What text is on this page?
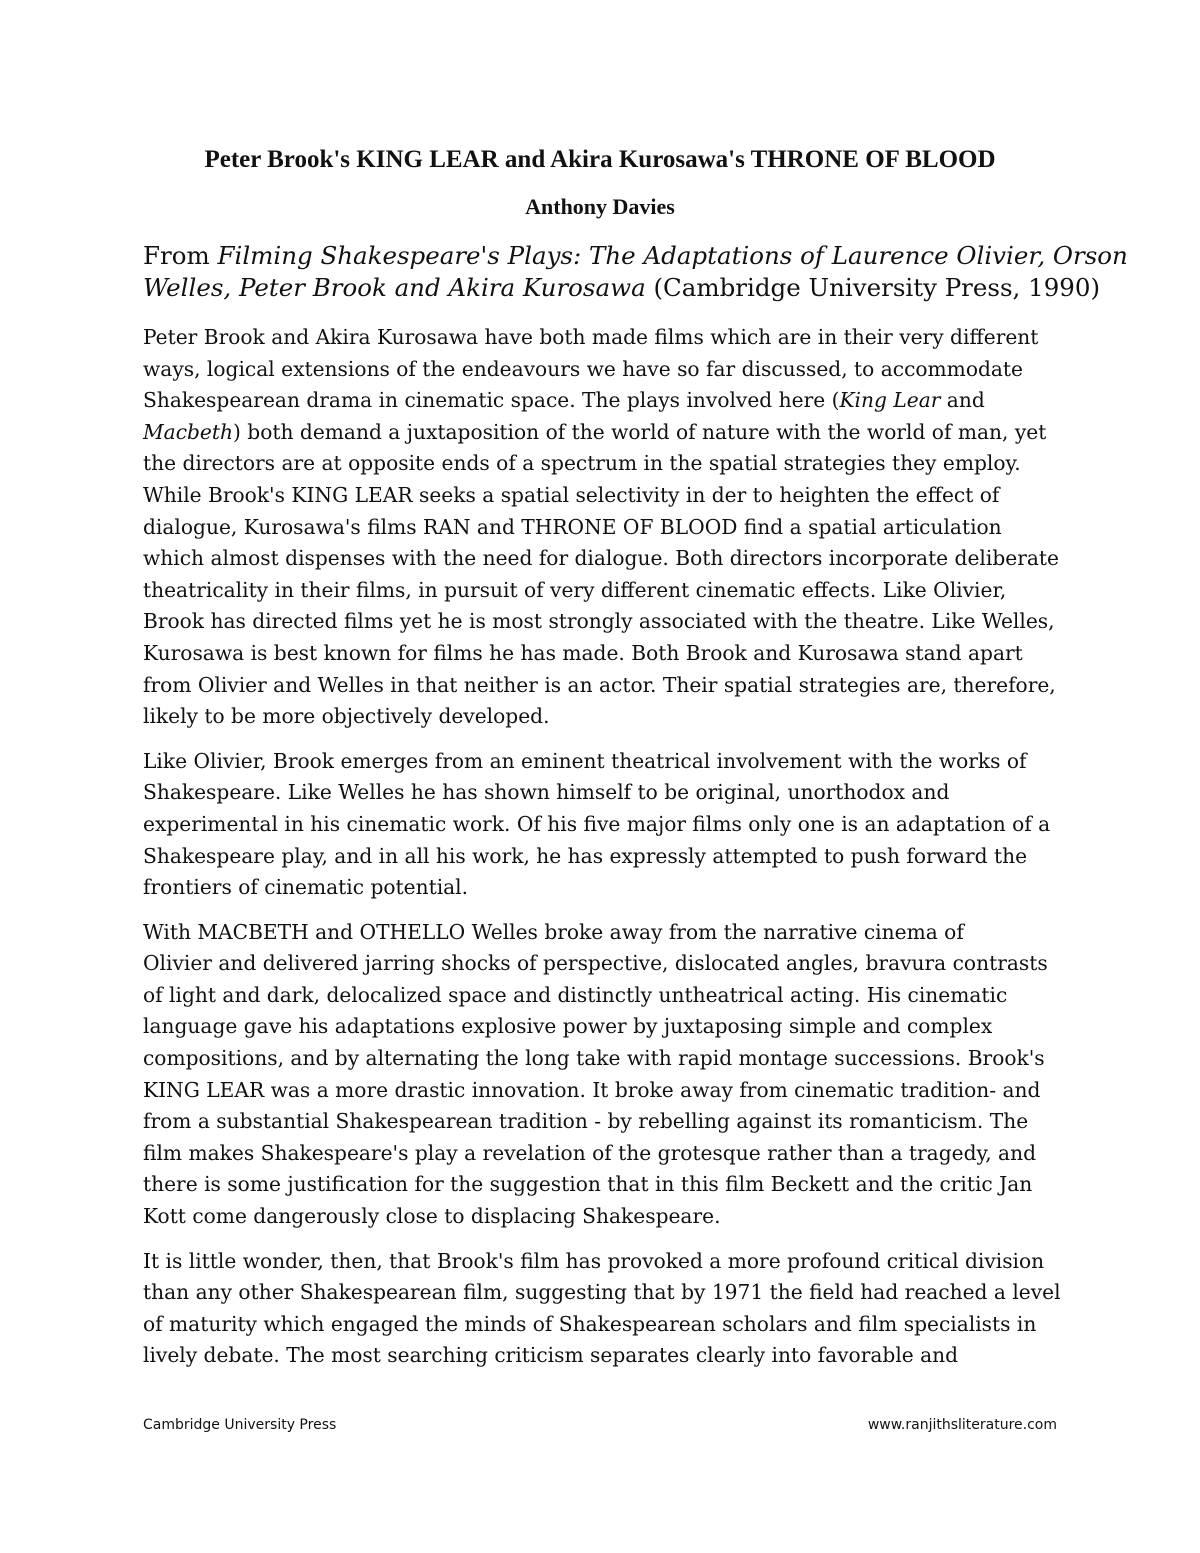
Peter Brook's KING LEAR and Akira Kurosawa's THRONE OF BLOOD
Anthony Davies
From Filming Shakespeare's Plays: The Adaptations of Laurence Olivier, Orson
Welles, Peter Brook and Akira Kurosawa (Cambridge University Press, 1990)
Peter Brook and Akira Kurosawa have both made films which are in their very different
ways, logical extensions of the endeavours we have so far discussed, to accommodate
Shakespearean drama in cinematic space. The plays involved here (King Lear and
Macbeth) both demand a juxtaposition of the world of nature with the world of man, yet
the directors are at opposite ends of a spectrum in the spatial strategies they employ.
While Brook's KING LEAR seeks a spatial selectivity in der to heighten the effect of
dialogue, Kurosawa's films RAN and THRONE OF BLOOD find a spatial articulation
which almost dispenses with the need for dialogue. Both directors incorporate deliberate
theatricality in their films, in pursuit of very different cinematic effects. Like Olivier,
Brook has directed films yet he is most strongly associated with the theatre. Like Welles,
Kurosawa is best known for films he has made. Both Brook and Kurosawa stand apart
from Olivier and Welles in that neither is an actor. Their spatial strategies are, therefore,
likely to be more objectively developed.
Like Olivier, Brook emerges from an eminent theatrical involvement with the works of
Shakespeare. Like Welles he has shown himself to be original, unorthodox and
experimental in his cinematic work. Of his five major films only one is an adaptation of a
Shakespeare play, and in all his work, he has expressly attempted to push forward the
frontiers of cinematic potential.
With MACBETH and OTHELLO Welles broke away from the narrative cinema of
Olivier and delivered jarring shocks of perspective, dislocated angles, bravura contrasts
of light and dark, delocalized space and distinctly untheatrical acting. His cinematic
language gave his adaptations explosive power by juxtaposing simple and complex
compositions, and by alternating the long take with rapid montage successions. Brook's
KING LEAR was a more drastic innovation. It broke away from cinematic tradition- and
from a substantial Shakespearean tradition - by rebelling against its romanticism. The
film makes Shakespeare's play a revelation of the grotesque rather than a tragedy, and
there is some justification for the suggestion that in this film Beckett and the critic Jan
Kott come dangerously close to displacing Shakespeare.
It is little wonder, then, that Brook's film has provoked a more profound critical division
than any other Shakespearean film, suggesting that by 1971 the field had reached a level
of maturity which engaged the minds of Shakespearean scholars and film specialists in
lively debate. The most searching criticism separates clearly into favorable and
Cambridge University Press	www.ranjithsliterature.com
